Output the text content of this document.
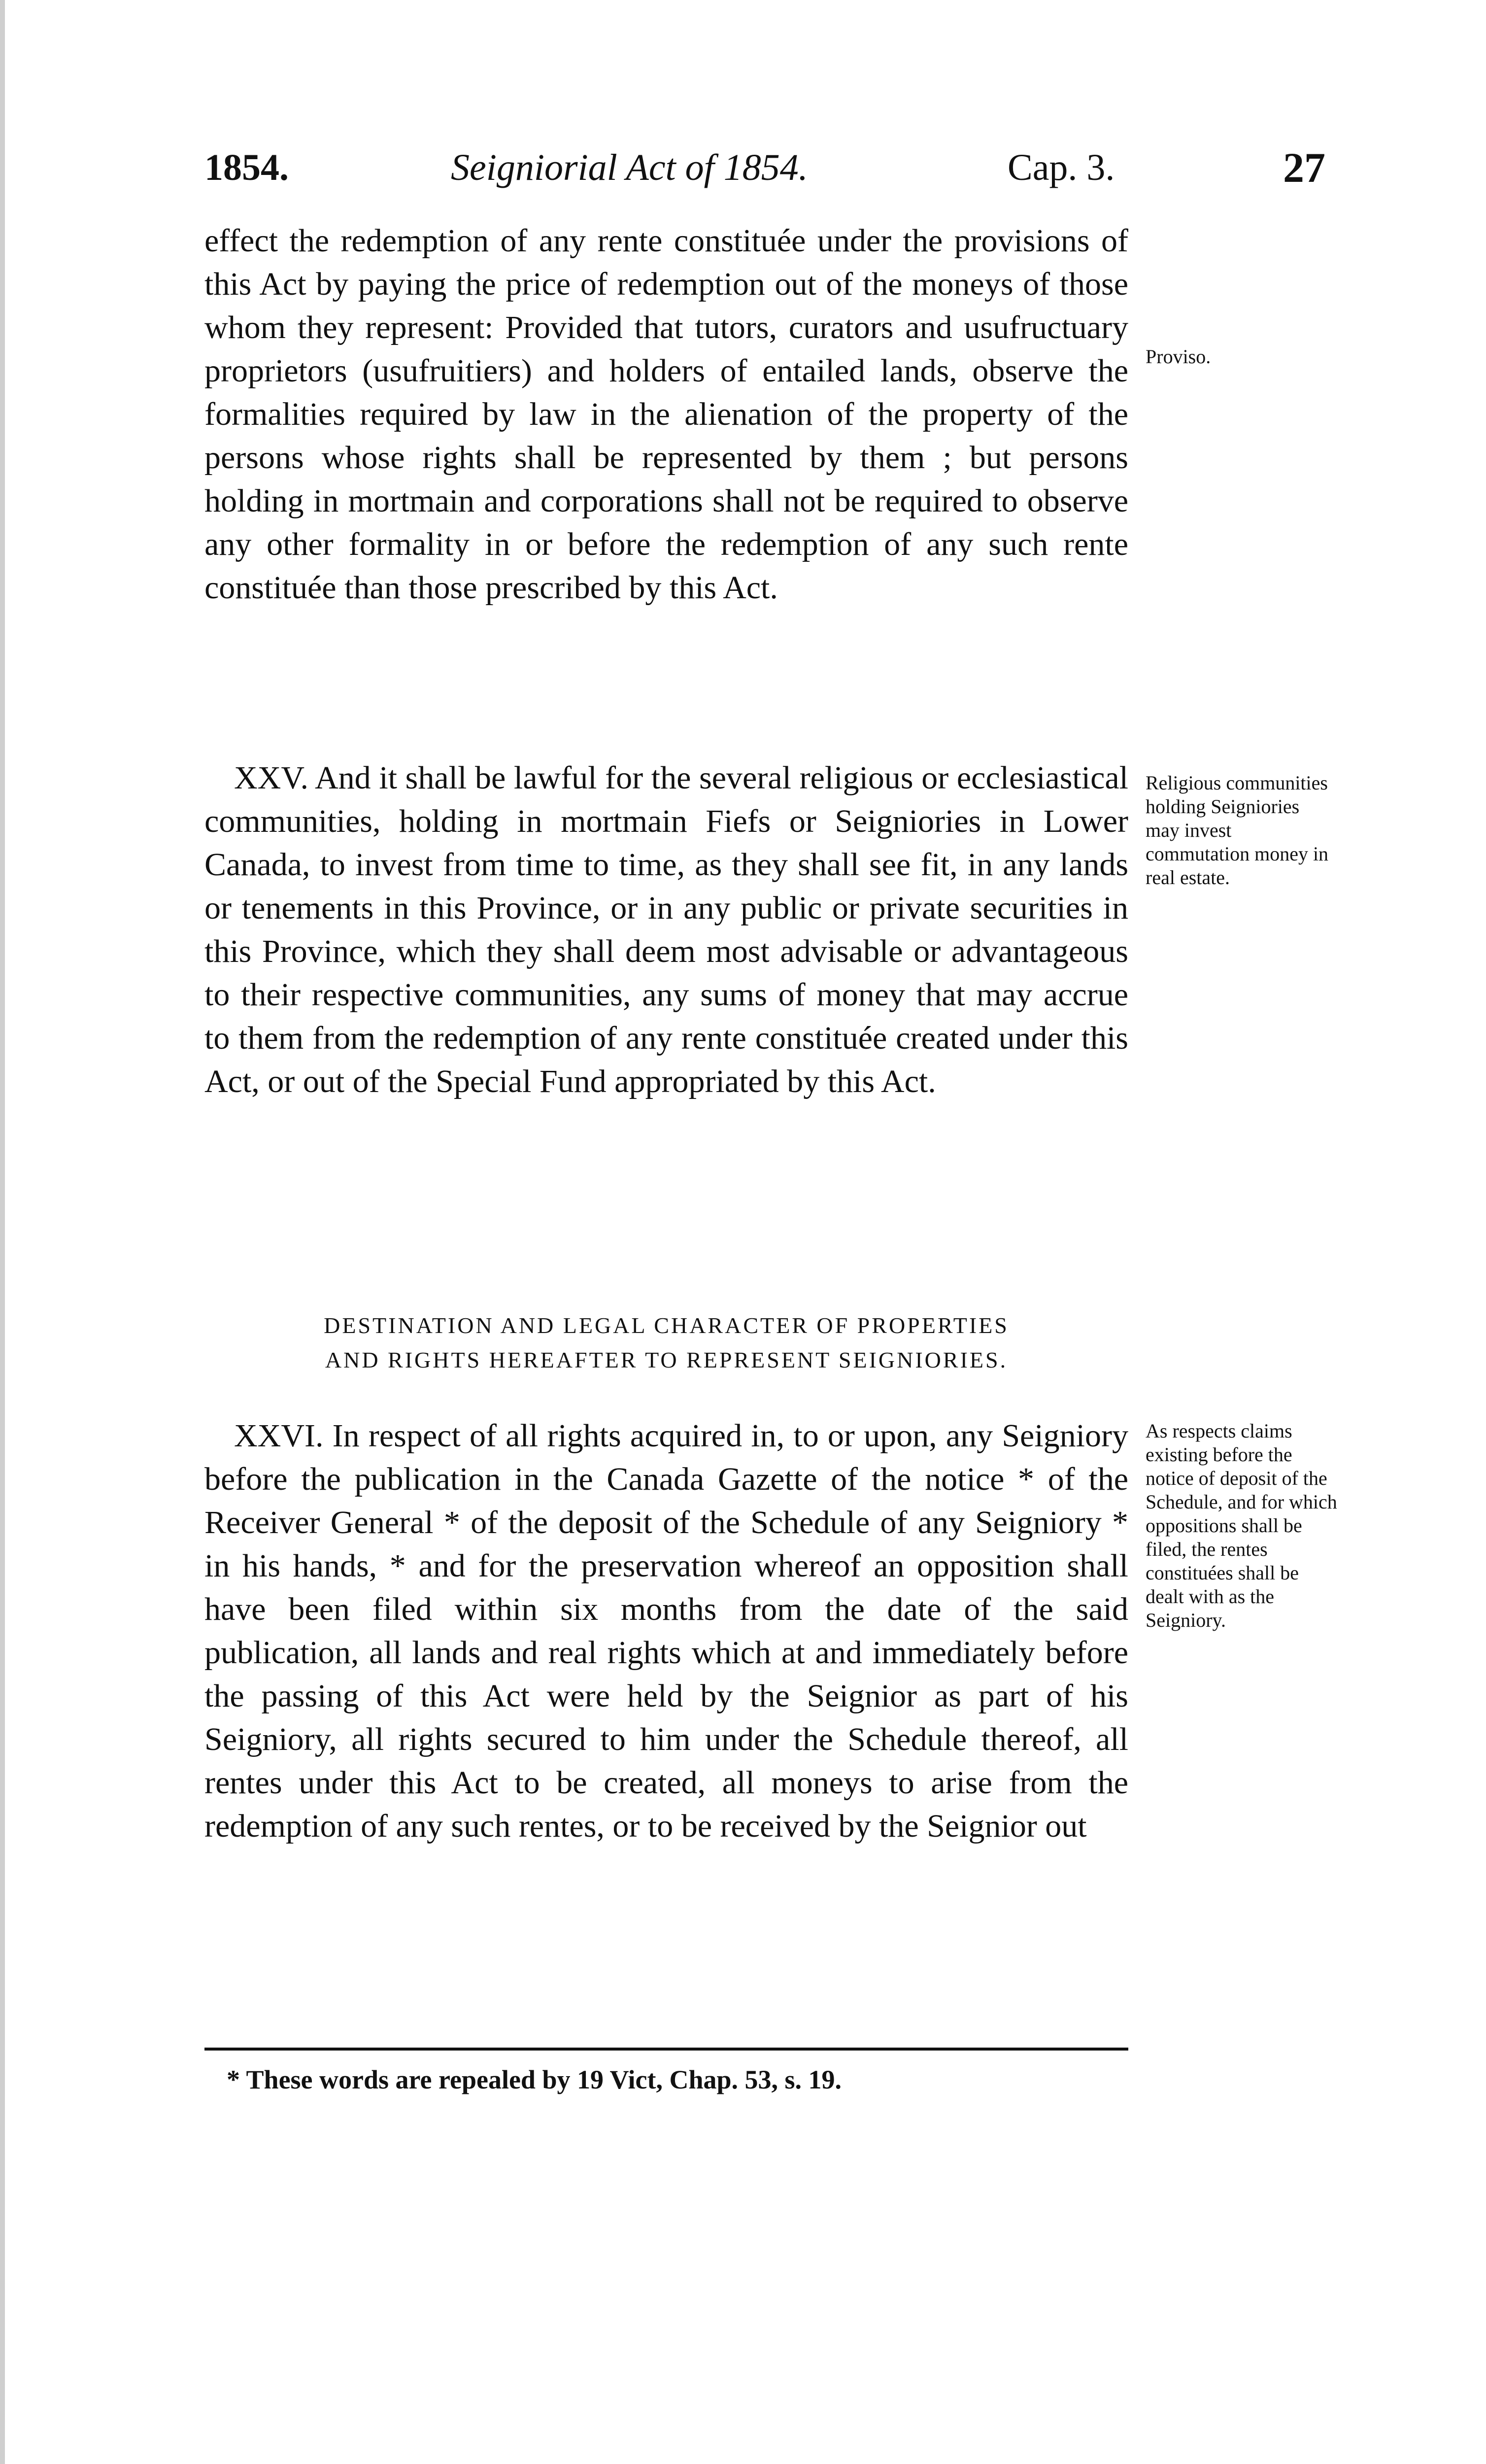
1854.	Seigniorial Act of 1854.	Cap. 3.	27
effect the redemption of any rente constituée under the provisions of this Act by paying the price of redemption out of the moneys of those whom they represent: Provided that tutors, curators and usufructuary proprietors (usufruitiers) and holders of entailed lands, observe the formalities required by law in the alienation of the property of the persons whose rights shall be represented by them ; but persons holding in mortmain and corporations shall not be required to observe any other formality in or before the redemption of any such rente constituée than those prescribed by this Act.
Proviso.
XXV. And it shall be lawful for the several religious or ecclesiastical communities, holding in mortmain Fiefs or Seigniories in Lower Canada, to invest from time to time, as they shall see fit, in any lands or tenements in this Province, or in any public or private securities in this Province, which they shall deem most advisable or advantageous to their respective communities, any sums of money that may accrue to them from the redemption of any rente constituée created under this Act, or out of the Special Fund appropriated by this Act.
Religious communities holding Seigniories may invest commutation money in real estate.
DESTINATION AND LEGAL CHARACTER OF PROPERTIES
AND RIGHTS HEREAFTER TO REPRESENT SEIGNIORIES.
XXVI. In respect of all rights acquired in, to or upon, any Seigniory before the publication in the Canada Gazette of the notice * of the Receiver General * of the deposit of the Schedule of any Seigniory * in his hands, * and for the preservation whereof an opposition shall have been filed within six months from the date of the said publication, all lands and real rights which at and immediately before the passing of this Act were held by the Seignior as part of his Seigniory, all rights secured to him under the Schedule thereof, all rentes under this Act to be created, all moneys to arise from the redemption of any such rentes, or to be received by the Seignior out
As respects claims existing before the notice of deposit of the Schedule, and for which oppositions shall be filed, the rentes constituées shall be dealt with as the Seigniory.
* These words are repealed by 19 Vict, Chap. 53, s. 19.
